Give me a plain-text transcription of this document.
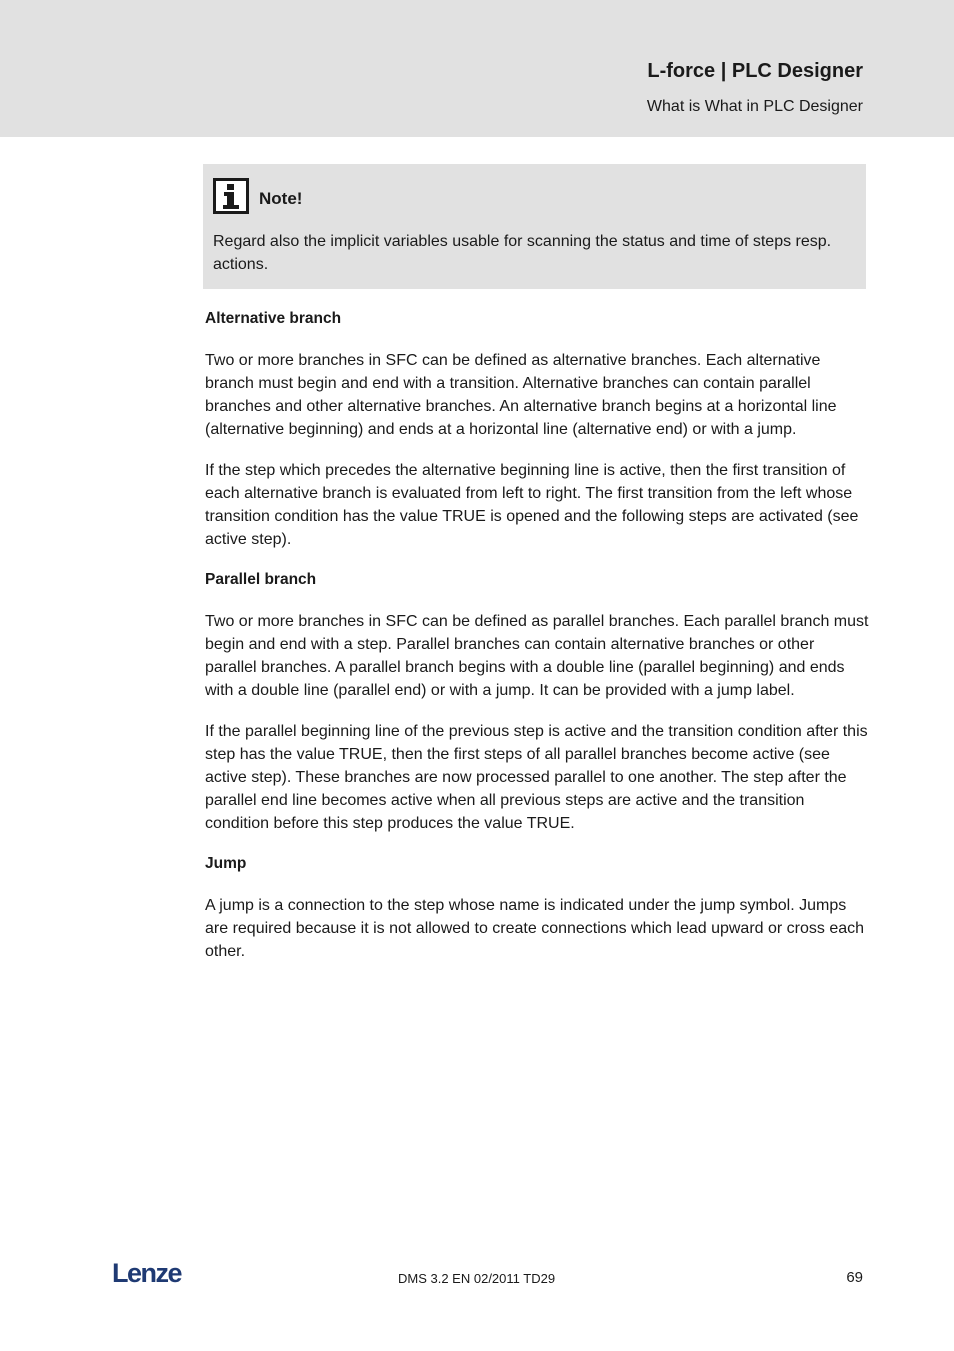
L-force | PLC Designer
What is What in PLC Designer
Note!
Regard also the implicit variables usable for scanning the status and time of steps resp. actions.

Alternative branch

Two or more branches in SFC can be defined as alternative branches. Each alternative branch must begin and end with a transition. Alternative branches can contain parallel branches and other alternative branches. An alternative branch begins at a horizontal line (alternative beginning) and ends at a horizontal line (alternative end) or with a jump.

If the step which precedes the alternative beginning line is active, then the first transition of each alternative branch is evaluated from left to right. The first transition from the left whose transition condition has the value TRUE is opened and the following steps are activated (see active step).

Parallel branch

Two or more branches in SFC can be defined as parallel branches. Each parallel branch must begin and end with a step. Parallel branches can contain alternative branches or other parallel branches. A parallel branch begins with a double line (parallel beginning) and ends with a double line (parallel end) or with a jump. It can be provided with a jump label.

If the parallel beginning line of the previous step is active and the transition condition after this step has the value TRUE, then the first steps of all parallel branches become active (see active step). These branches are now processed parallel to one another. The step after the parallel end line becomes active when all previous steps are active and the transition condition before this step produces the value TRUE.

Jump

A jump is a connection to the step whose name is indicated under the jump symbol. Jumps are required because it is not allowed to create connections which lead upward or cross each other.

Lenze	DMS 3.2 EN 02/2011 TD29	69
